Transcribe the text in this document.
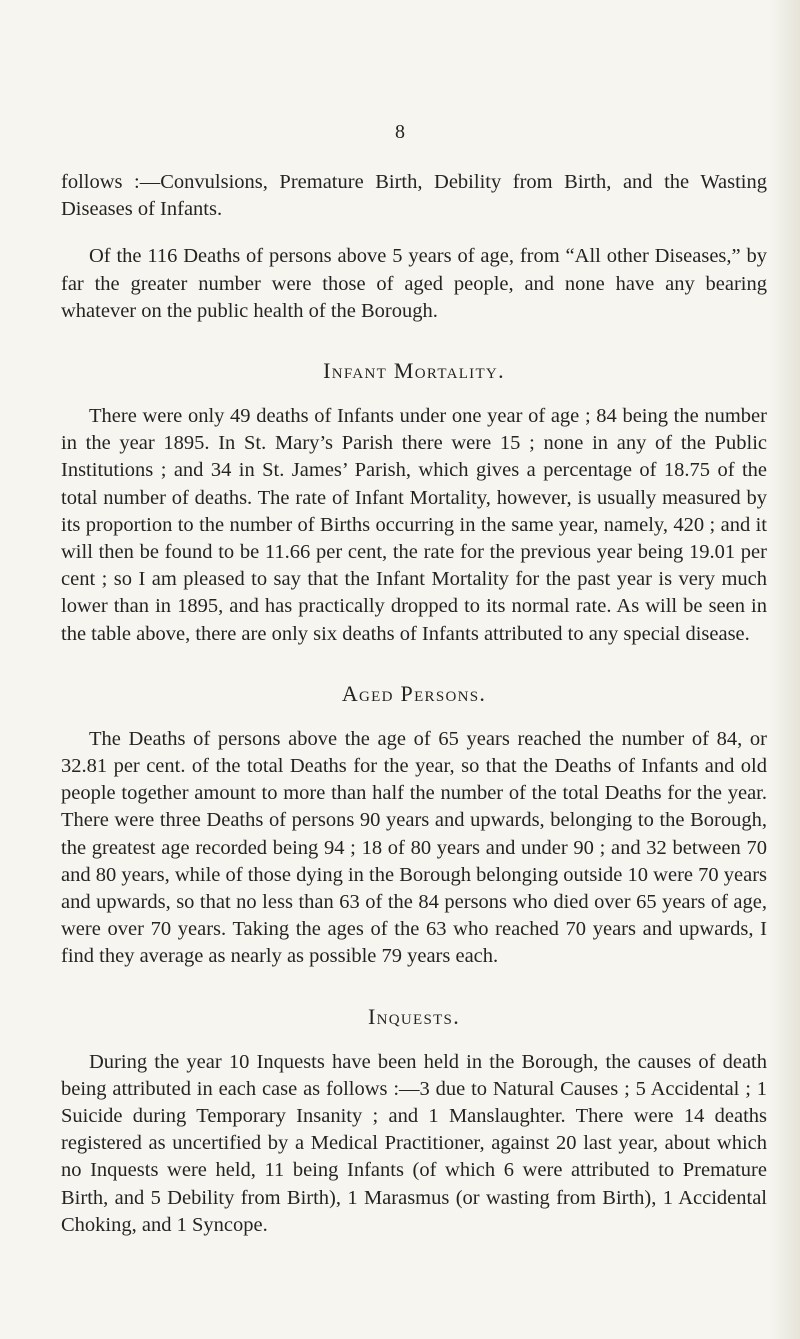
8

follows :—Convulsions, Premature Birth, Debility from Birth, and the Wasting Diseases of Infants.

Of the 116 Deaths of persons above 5 years of age, from “All other Diseases,” by far the greater number were those of aged people, and none have any bearing whatever on the public health of the Borough.

Infant Mortality.

There were only 49 deaths of Infants under one year of age ; 84 being the number in the year 1895. In St. Mary’s Parish there were 15 ; none in any of the Public Institutions ; and 34 in St. James’ Parish, which gives a percentage of 18.75 of the total number of deaths. The rate of Infant Mortality, however, is usually measured by its proportion to the number of Births occurring in the same year, namely, 420 ; and it will then be found to be 11.66 per cent, the rate for the previous year being 19.01 per cent ; so I am pleased to say that the Infant Mortality for the past year is very much lower than in 1895, and has practically dropped to its normal rate. As will be seen in the table above, there are only six deaths of Infants attributed to any special disease.

Aged Persons.

The Deaths of persons above the age of 65 years reached the number of 84, or 32.81 per cent. of the total Deaths for the year, so that the Deaths of Infants and old people together amount to more than half the number of the total Deaths for the year. There were three Deaths of persons 90 years and upwards, belonging to the Borough, the greatest age recorded being 94 ; 18 of 80 years and under 90 ; and 32 between 70 and 80 years, while of those dying in the Borough belonging outside 10 were 70 years and upwards, so that no less than 63 of the 84 persons who died over 65 years of age, were over 70 years. Taking the ages of the 63 who reached 70 years and upwards, I find they average as nearly as possible 79 years each.

Inquests.

During the year 10 Inquests have been held in the Borough, the causes of death being attributed in each case as follows :—3 due to Natural Causes ; 5 Accidental ; 1 Suicide during Temporary Insanity ; and 1 Manslaughter. There were 14 deaths registered as uncertified by a Medical Practitioner, against 20 last year, about which no Inquests were held, 11 being Infants (of which 6 were attributed to Premature Birth, and 5 Debility from Birth), 1 Marasmus (or wasting from Birth), 1 Accidental Choking, and 1 Syncope.
